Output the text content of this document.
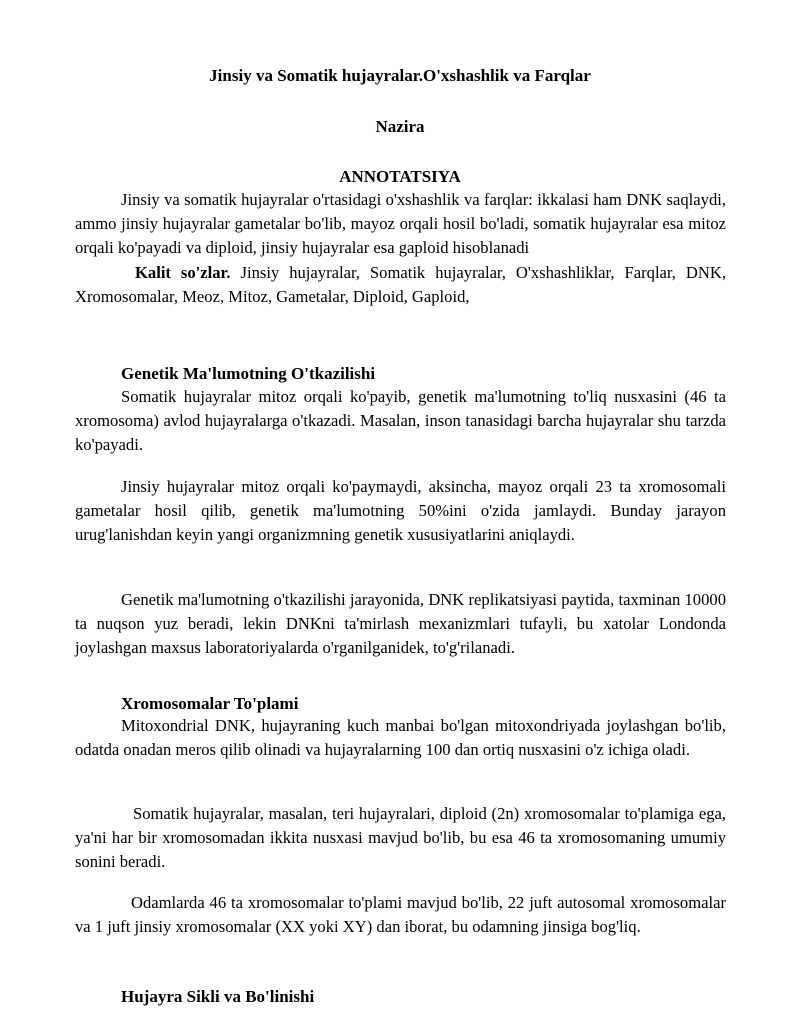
Jinsiy va Somatik hujayralar.O'xshashlik va Farqlar
Nazira
ANNOTATSIYA
Jinsiy va somatik hujayralar o'rtasidagi o'xshashlik va farqlar: ikkalasi ham DNK saqlaydi, ammo jinsiy hujayralar gametalar bo'lib, mayoz orqali hosil bo'ladi, somatik hujayralar esa mitoz orqali ko'payadi va diploid, jinsiy hujayralar esa gaploid hisoblanadi
Kalit so'zlar. Jinsiy hujayralar, Somatik hujayralar, O'xshashliklar, Farqlar, DNK, Xromosomalar, Meoz, Mitoz, Gametalar, Diploid, Gaploid,
Genetik Ma'lumotning O'tkazilishi
Somatik hujayralar mitoz orqali ko'payib, genetik ma'lumotning to'liq nusxasini (46 ta xromosoma) avlod hujayralarga o'tkazadi. Masalan, inson tanasidagi barcha hujayralar shu tarzda ko'payadi.
Jinsiy hujayralar mitoz orqali ko'paymaydi, aksincha, mayoz orqali 23 ta xromosomali gametalar hosil qilib, genetik ma'lumotning 50%ini o'zida jamlaydi. Bunday jarayon urug'lanishdan keyin yangi organizmning genetik xususiyatlarini aniqlaydi.
Genetik ma'lumotning o'tkazilishi jarayonida, DNK replikatsiyasi paytida, taxminan 10000 ta nuqson yuz beradi, lekin DNKni ta'mirlash mexanizmlari tufayli, bu xatolar Londonda joylashgan maxsus laboratoriyalarda o'rganilganidek, to'g'rilanadi.
Xromosomalar To'plami
Mitoxondrial DNK, hujayraning kuch manbai bo'lgan mitoxondriyada joylashgan bo'lib, odatda onadan meros qilib olinadi va hujayralarning 100 dan ortiq nusxasini o'z ichiga oladi.
Somatik hujayralar, masalan, teri hujayralari, diploid (2n) xromosomalar to'plamiga ega, ya'ni har bir xromosomadan ikkita nusxasi mavjud bo'lib, bu esa 46 ta xromosomaning umumiy sonini beradi.
Odamlarda 46 ta xromosomalar to'plami mavjud bo'lib, 22 juft autosomal xromosomalar va 1 juft jinsiy xromosomalar (XX yoki XY) dan iborat, bu odamning jinsiga bog'liq.
Hujayra Sikli va Bo'linishi
